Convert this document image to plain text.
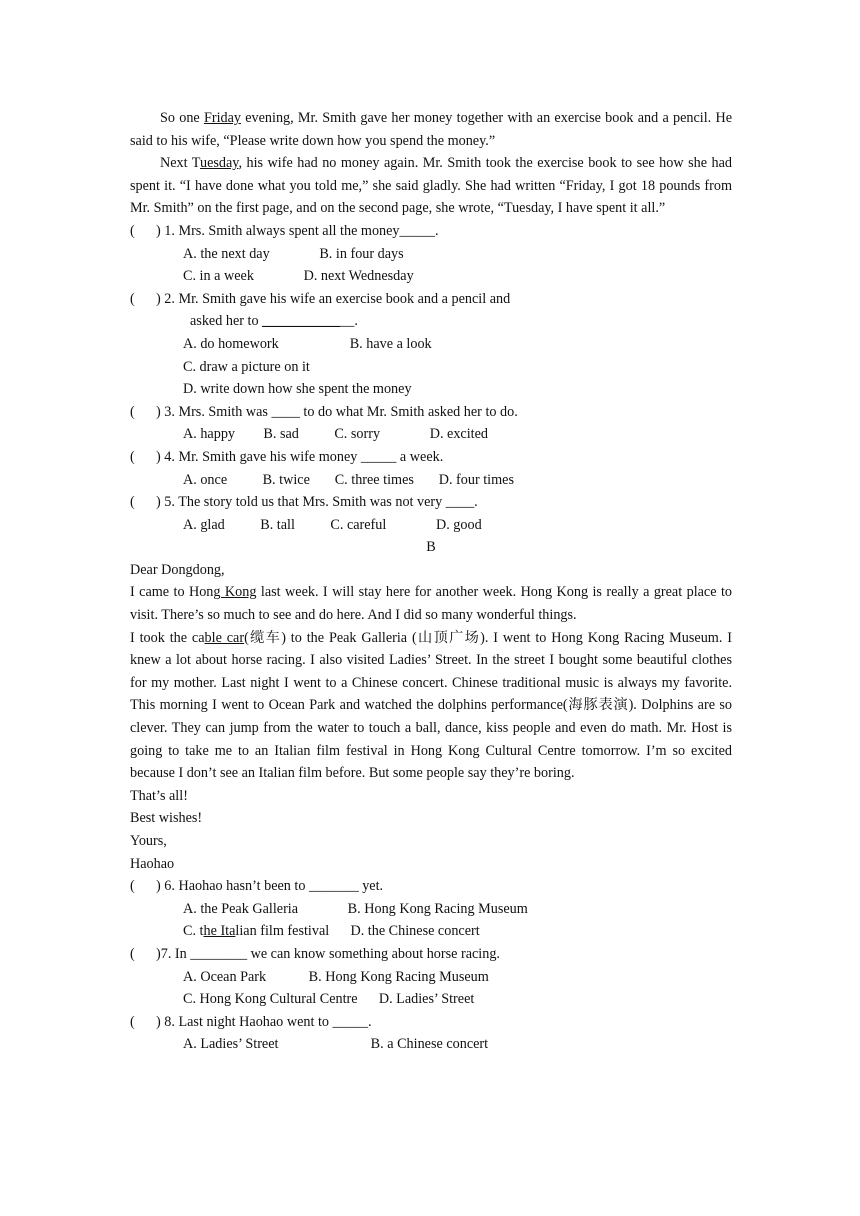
So one Friday evening, Mr. Smith gave her money together with an exercise book and a pencil. He said to his wife, “Please write down how you spend the money.”

Next Tuesday, his wife had no money again. Mr. Smith took the exercise book to see how she had spent it. “I have done what you told me,” she said gladly. She had written “Friday, I got 18 pounds from Mr. Smith” on the first page, and on the second page, she wrote, “Tuesday, I have spent it all.”

(      ) 1. Mrs. Smith always spent all the money_____.

A. the next day              B. in four days

C. in a week              D. next Wednesday

(      ) 2. Mr. Smith gave his wife an exercise book and a pencil and

asked her to _____________.

A. do homework                    B. have a look

C. draw a picture on it

D. write down how she spent the money

(      ) 3. Mrs. Smith was ____ to do what Mr. Smith asked her to do.

A. happy        B. sad          C. sorry              D. excited

(      ) 4. Mr. Smith gave his wife money _____ a week.

A. once          B. twice       C. three times       D. four times

(      ) 5. The story told us that Mrs. Smith was not very ____.

A. glad          B. tall          C. careful              D. good

B

Dear Dongdong,

I came to Hong Kong last week. I will stay here for another week. Hong Kong is really a great place to visit. There’s so much to see and do here. And I did so many wonderful things.

I took the cable car(缆车) to the Peak Galleria (山顶广场). I went to Hong Kong Racing Museum. I knew a lot about horse racing. I also visited Ladies’ Street. In the street I bought some beautiful clothes for my mother. Last night I went to a Chinese concert. Chinese traditional music is always my favorite. This morning I went to Ocean Park and watched the dolphins performance(海豚表演). Dolphins are so clever. They can jump from the water to touch a ball, dance, kiss people and even do math. Mr. Host is going to take me to an Italian film festival in Hong Kong Cultural Centre tomorrow. I’m so excited because I don’t see an Italian film before. But some people say they’re boring.

That’s all!

Best wishes!

Yours,

Haohao

(      ) 6. Haohao hasn’t been to _______ yet.

A. the Peak Galleria              B. Hong Kong Racing Museum

C. the Italian film festival      D. the Chinese concert

(      )7. In ________ we can know something about horse racing.

A. Ocean Park            B. Hong Kong Racing Museum

C. Hong Kong Cultural Centre      D. Ladies’ Street

(      ) 8. Last night Haohao went to _____.

A. Ladies’ Street                          B. a Chinese concert
